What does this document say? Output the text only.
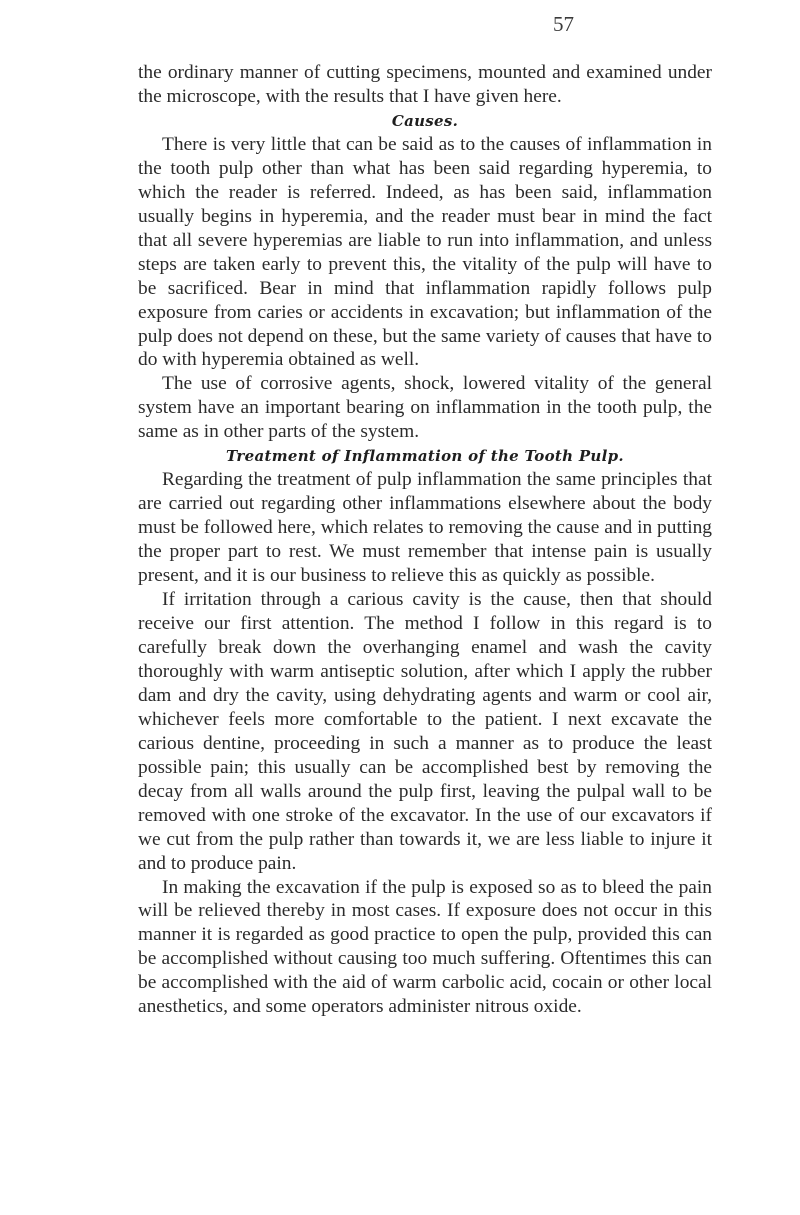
57

the ordinary manner of cutting specimens, mounted and examined under the microscope, with the results that I have given here.

Causes.

There is very little that can be said as to the causes of inflammation in the tooth pulp other than what has been said regarding hyperemia, to which the reader is referred. Indeed, as has been said, inflammation usually begins in hyperemia, and the reader must bear in mind the fact that all severe hyperemias are liable to run into inflammation, and unless steps are taken early to prevent this, the vitality of the pulp will have to be sacrificed. Bear in mind that inflammation rapidly follows pulp exposure from caries or accidents in excavation; but inflammation of the pulp does not depend on these, but the same variety of causes that have to do with hyperemia obtained as well.

The use of corrosive agents, shock, lowered vitality of the general system have an important bearing on inflammation in the tooth pulp, the same as in other parts of the system.

Treatment of Inflammation of the Tooth Pulp.

Regarding the treatment of pulp inflammation the same principles that are carried out regarding other inflammations elsewhere about the body must be followed here, which relates to removing the cause and in putting the proper part to rest. We must remember that intense pain is usually present, and it is our business to relieve this as quickly as possible.

If irritation through a carious cavity is the cause, then that should receive our first attention. The method I follow in this regard is to carefully break down the overhanging enamel and wash the cavity thoroughly with warm antiseptic solution, after which I apply the rubber dam and dry the cavity, using dehydrating agents and warm or cool air, whichever feels more comfortable to the patient. I next excavate the carious dentine, proceeding in such a manner as to produce the least possible pain; this usually can be accomplished best by removing the decay from all walls around the pulp first, leaving the pulpal wall to be removed with one stroke of the excavator. In the use of our excavators if we cut from the pulp rather than towards it, we are less liable to injure it and to produce pain.

In making the excavation if the pulp is exposed so as to bleed the pain will be relieved thereby in most cases. If exposure does not occur in this manner it is regarded as good practice to open the pulp, provided this can be accomplished without causing too much suffering. Oftentimes this can be accomplished with the aid of warm carbolic acid, cocain or other local anesthetics, and some operators administer nitrous oxide.
